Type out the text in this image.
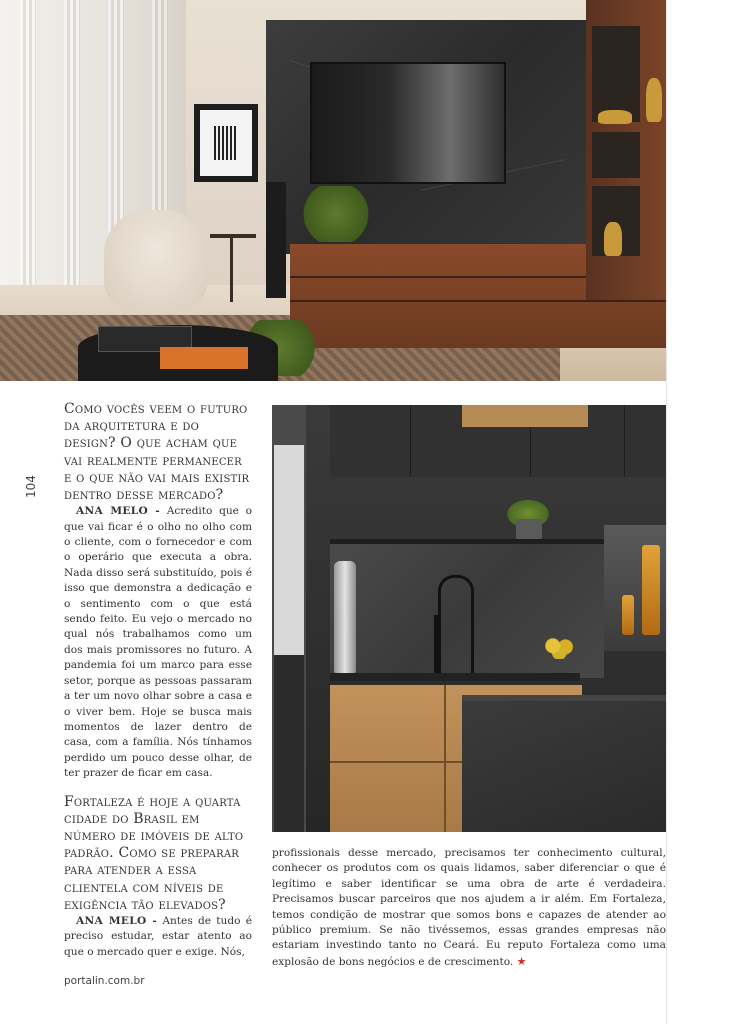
104

Como vocês veem o futuro da arquitetura e do design? O que acham que vai realmente permanecer e o que não vai mais existir dentro desse mercado?

ANA MELO - Acredito que o que vai ficar é o olho no olho com o cliente, com o fornecedor e com o operário que executa a obra. Nada disso será substituído, pois é isso que demonstra a dedicação e o sentimento com o que está sendo feito. Eu vejo o mercado no qual nós trabalhamos como um dos mais promissores no futuro. A pandemia foi um marco para esse setor, porque as pessoas passaram a ter um novo olhar sobre a casa e o viver bem. Hoje se busca mais momentos de lazer dentro de casa, com a família. Nós tínhamos perdido um pouco desse olhar, de ter prazer de ficar em casa.

Fortaleza é hoje a quarta cidade do Brasil em número de imóveis de alto padrão. Como se preparar para atender a essa clientela com níveis de exigência tão elevados?

ANA MELO - Antes de tudo é preciso estudar, estar atento ao que o mercado quer e exige. Nós,

profissionais desse mercado, precisamos ter conhecimento cultural, conhecer os produtos com os quais lidamos, saber diferenciar o que é legítimo e saber identificar se uma obra de arte é verdadeira. Precisamos buscar parceiros que nos ajudem a ir além. Em Fortaleza, temos condição de mostrar que somos bons e capazes de atender ao público premium. Se não tivéssemos, essas grandes empresas não estariam investindo tanto no Ceará. Eu reputo Fortaleza como uma explosão de bons negócios e de crescimento. ★

portalin.com.br
